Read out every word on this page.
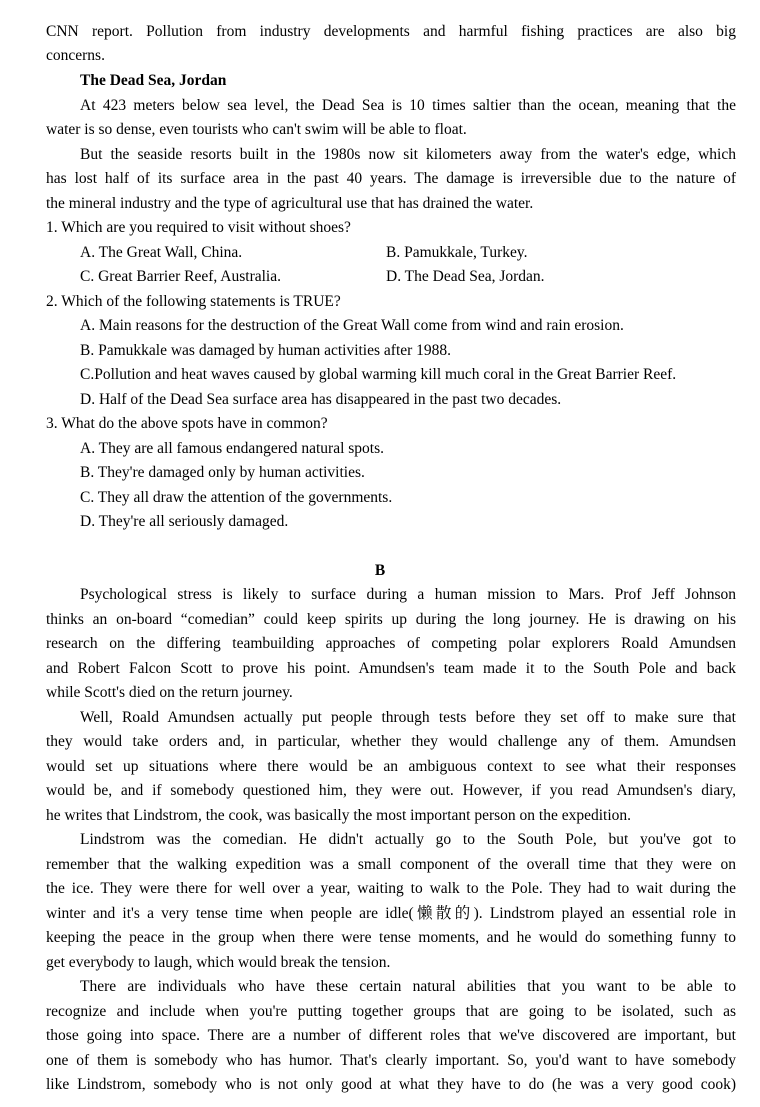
CNN report. Pollution from industry developments and harmful fishing practices are also big
concerns.
The Dead Sea, Jordan
At 423 meters below sea level, the Dead Sea is 10 times saltier than the ocean, meaning that the
water is so dense, even tourists who can't swim will be able to float.
But the seaside resorts built in the 1980s now sit kilometers away from the water's edge, which
has lost half of its surface area in the past 40 years. The damage is irreversible due to the nature of
the mineral industry and the type of agricultural use that has drained the water.
1. Which are you required to visit without shoes?
A. The Great Wall, China.	B. Pamukkale, Turkey.
C. Great Barrier Reef, Australia.	D. The Dead Sea, Jordan.
2. Which of the following statements is TRUE?
A. Main reasons for the destruction of the Great Wall come from wind and rain erosion.
B. Pamukkale was damaged by human activities after 1988.
C.Pollution and heat waves caused by global warming kill much coral in the Great Barrier Reef.
D. Half of the Dead Sea surface area has disappeared in the past two decades.
3. What do the above spots have in common?
A. They are all famous endangered natural spots.
B. They're damaged only by human activities.
C. They all draw the attention of the governments.
D. They're all seriously damaged.
B
Psychological stress is likely to surface during a human mission to Mars. Prof Jeff Johnson
thinks an on-board “comedian” could keep spirits up during the long journey. He is drawing on his
research on the differing teambuilding approaches of competing polar explorers Roald Amundsen
and Robert Falcon Scott to prove his point. Amundsen's team made it to the South Pole and back
while Scott's died on the return journey.
Well, Roald Amundsen actually put people through tests before they set off to make sure that
they would take orders and, in particular, whether they would challenge any of them. Amundsen
would set up situations where there would be an ambiguous context to see what their responses
would be, and if somebody questioned him, they were out. However, if you read Amundsen's diary,
he writes that Lindstrom, the cook, was basically the most important person on the expedition.
Lindstrom was the comedian. He didn't actually go to the South Pole, but you've got to
remember that the walking expedition was a small component of the overall time that they were on
the ice. They were there for well over a year, waiting to walk to the Pole. They had to wait during the
winter and it's a very tense time when people are idle(懒散的). Lindstrom played an essential role in
keeping the peace in the group when there were tense moments, and he would do something funny to
get everybody to laugh, which would break the tension.
There are individuals who have these certain natural abilities that you want to be able to
recognize and include when you're putting together groups that are going to be isolated, such as
those going into space. There are a number of different roles that we've discovered are important, but
one of them is somebody who has humor. That's clearly important. So, you'd want to have somebody
like Lindstrom, somebody who is not only good at what they have to do (he was a very good cook)
